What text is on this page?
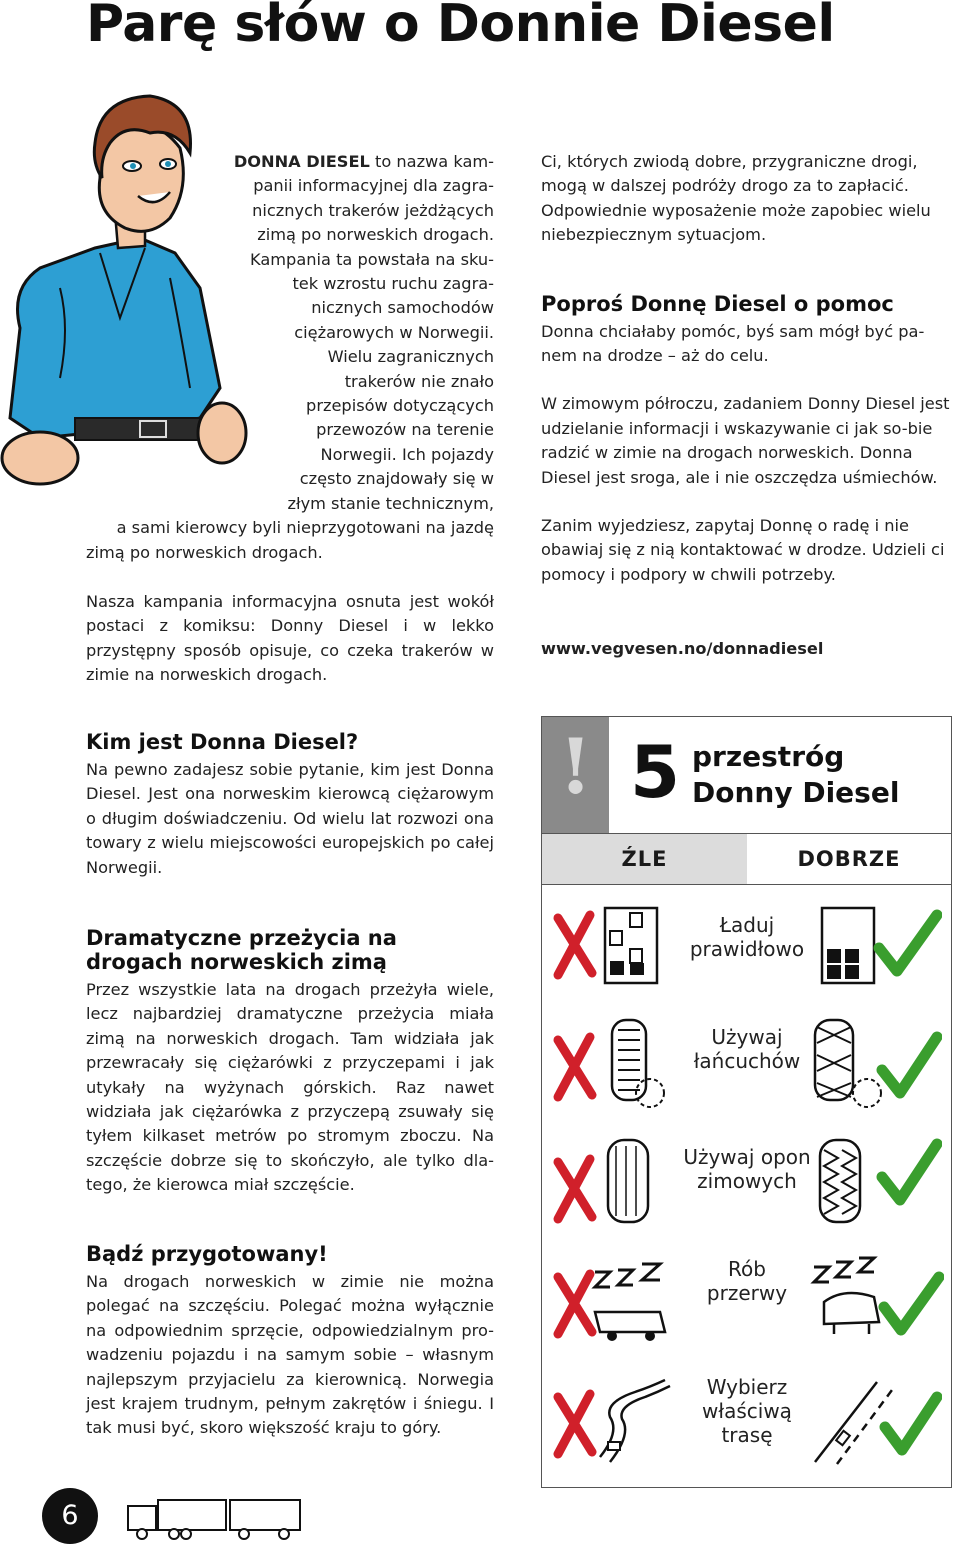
Parę słów o Donnie Diesel

DONNA DIESEL to nazwa kam-
panii informacyjnej dla zagra-
nicznych trakerów jeżdżących
zimą po norweskich drogach.
Kampania ta powstała na sku-
tek wzrostu ruchu zagra-
nicznych samochodów
ciężarowych w Norwegii.
Wielu zagranicznych
trakerów nie znało
przepisów dotyczących
przewozów na terenie
Norwegii. Ich pojazdy
często znajdowały się w
złym stanie technicznym,
a sami kierowcy byli nieprzygotowani na jazdę

zimą po norweskich drogach.

Nasza kampania informacyjna osnuta jest wokół postaci z komiksu: Donny Diesel i w lekko przystępny sposób opisuje, co czeka trakerów w zimie na norweskich drogach.

Kim jest Donna Diesel?

Na pewno zadajesz sobie pytanie, kim jest Donna Diesel. Jest ona norweskim kierowcą ciężarowym o długim doświadczeniu. Od wielu lat rozwozi ona towary z wielu miejscowości europejskich po całej Norwegii.

Dramatyczne przeżycia na drogach norweskich zimą

Przez wszystkie lata na drogach przeżyła wiele, lecz najbardziej dramatyczne przeżycia miała zimą na norweskich drogach. Tam widziała jak przewracały się ciężarówki z przyczepami i jak utykały na wyżynach górskich. Raz nawet widziała jak ciężarówka z przyczepą zsuwały się tyłem kilkaset metrów po stromym zboczu. Na szczęście dobrze się to skończyło, ale tylko dla-tego, że kierowca miał szczęście.

Bądź przygotowany!

Na drogach norweskich w zimie nie można polegać na szczęściu. Polegać można wyłącznie na odpowiednim sprzęcie, odpowiedzialnym pro-wadzeniu pojazdu i na samym sobie – własnym najlepszym przyjacielu za kierownicą. Norwegia jest krajem trudnym, pełnym zakrętów i śniegu. I tak musi być, skoro większość kraju to góry.

Ci, których zwiodą dobre, przygraniczne drogi, mogą w dalszej podróży drogo za to zapłacić. Odpowiednie wyposażenie może zapobiec wielu niebezpiecznym sytuacjom.

Poproś Donnę Diesel o pomoc

Donna chciałaby pomóc, byś sam mógł być pa-nem na drodze – aż do celu.

W zimowym półroczu, zadaniem Donny Diesel jest udzielanie informacji i wskazywanie ci jak so-bie radzić w zimie na drogach norweskich. Donna Diesel jest sroga, ale i nie oszczędza uśmiechów.

Zanim wyjedziesz, zapytaj Donnę o radę i nie obawiaj się z nią kontaktować w drodze. Udzieli ci pomocy i podpory w chwili potrzeby.

www.vegvesen.no/donnadiesel

! 5 przestróg
Donny Diesel
ŹLE	DOBRZE
Ładuj
prawidłowo
Używaj
łańcuchów
Używaj opon
zimowych
Rób
przerwy
Wybierz
właściwą
trasę
6
